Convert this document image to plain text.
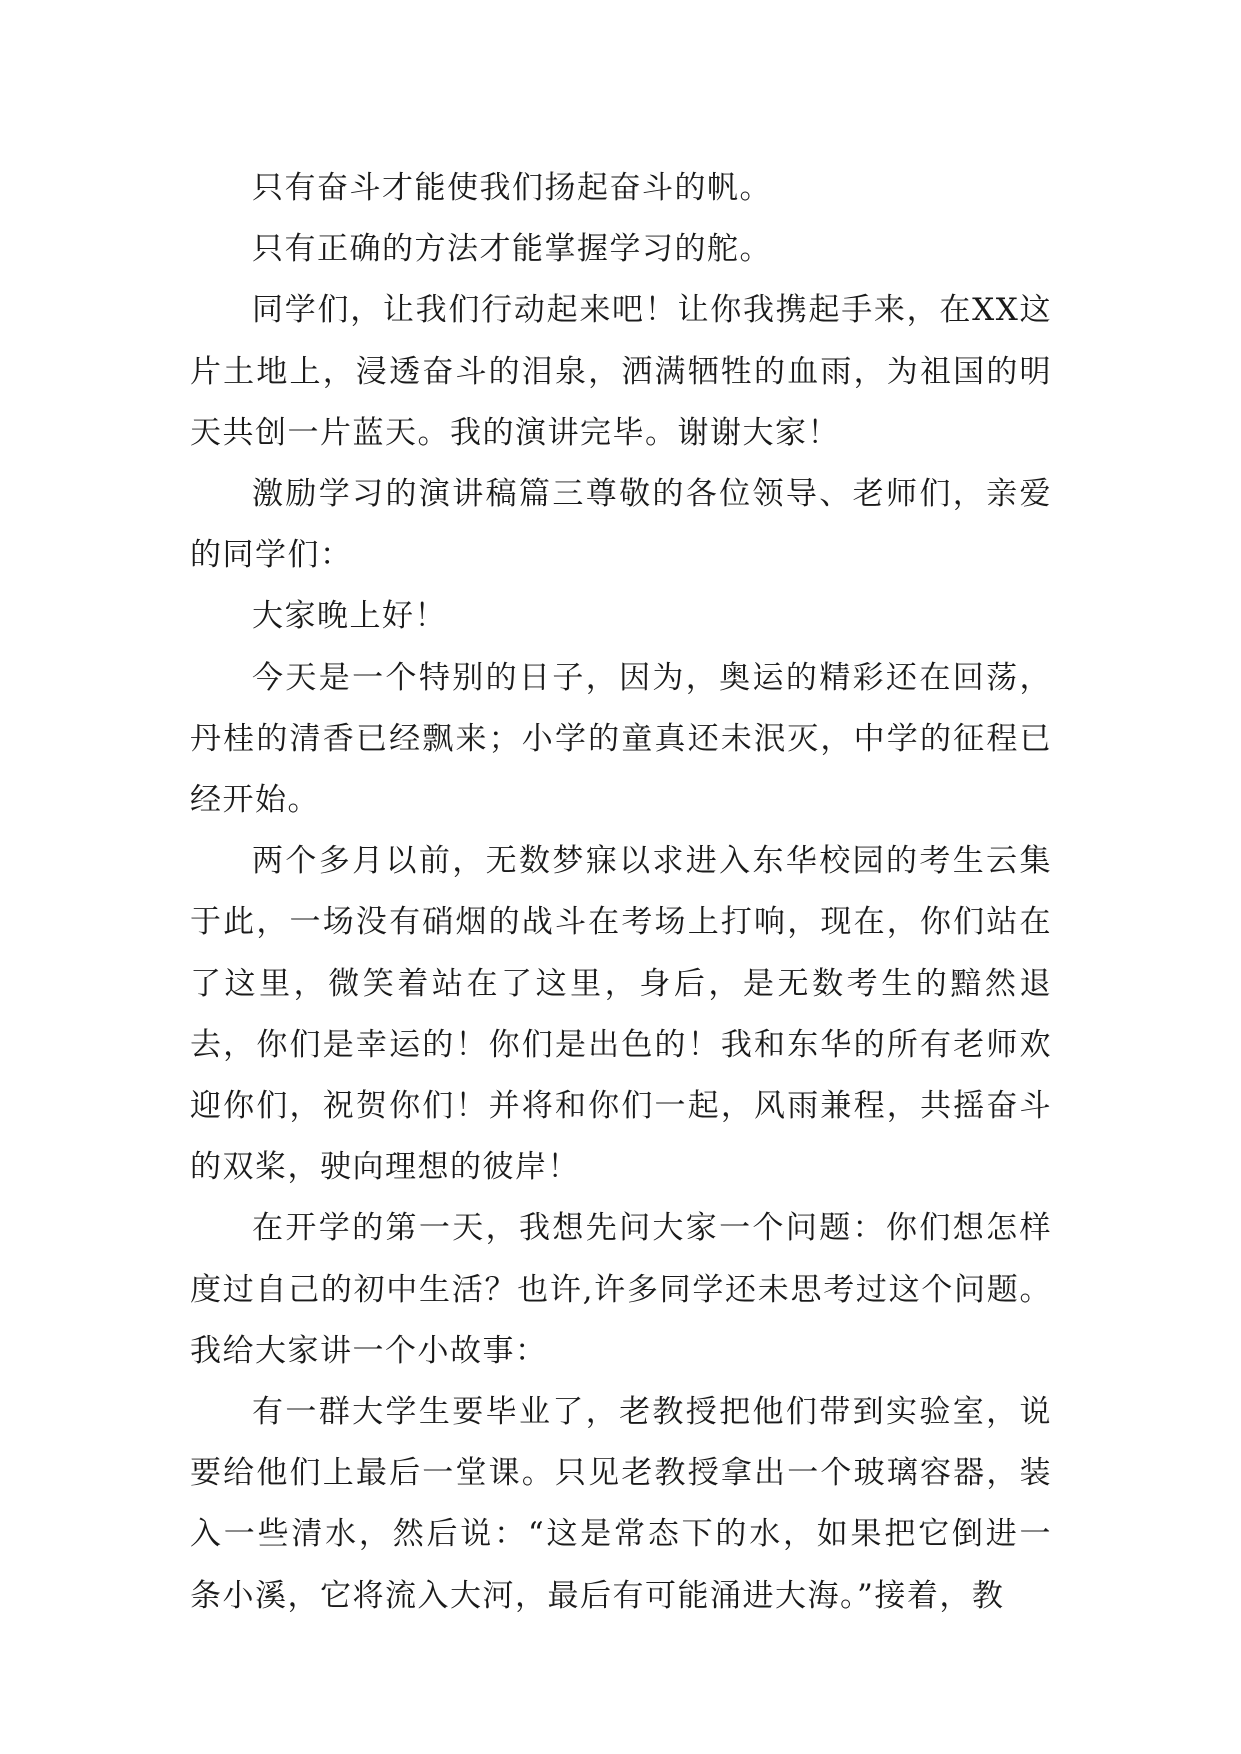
只有奋斗才能使我们扬起奋斗的帆。

只有正确的方法才能掌握学习的舵。

同学们，让我们行动起来吧！让你我携起手来，在XX这片土地上，浸透奋斗的泪泉，洒满牺牲的血雨，为祖国的明天共创一片蓝天。我的演讲完毕。谢谢大家！

激励学习的演讲稿篇三尊敬的各位领导、老师们，亲爱的同学们：

大家晚上好！

今天是一个特别的日子，因为，奥运的精彩还在回荡，丹桂的清香已经飘来；小学的童真还未泯灭，中学的征程已经开始。

两个多月以前，无数梦寐以求进入东华校园的考生云集于此，一场没有硝烟的战斗在考场上打响，现在，你们站在了这里，微笑着站在了这里，身后，是无数考生的黯然退去，你们是幸运的！你们是出色的！我和东华的所有老师欢迎你们，祝贺你们！并将和你们一起，风雨兼程，共摇奋斗的双桨，驶向理想的彼岸！

在开学的第一天，我想先问大家一个问题：你们想怎样度过自己的初中生活？也许,许多同学还未思考过这个问题。我给大家讲一个小故事：

有一群大学生要毕业了，老教授把他们带到实验室，说要给他们上最后一堂课。只见老教授拿出一个玻璃容器，装入一些清水，然后说：“这是常态下的水，如果把它倒进一条小溪，它将流入大河，最后有可能涌进大海。”接着，教
